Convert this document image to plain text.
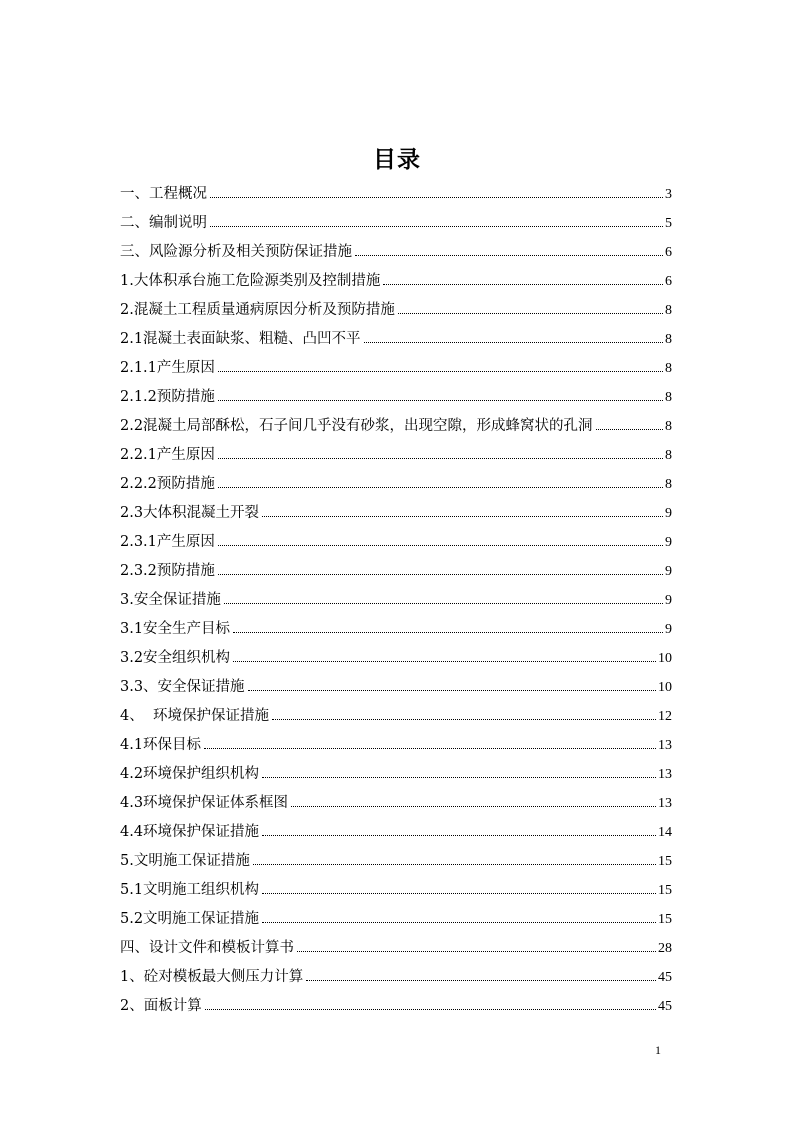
目录
一、工程概况	3
二、编制说明	5
三、风险源分析及相关预防保证措施	6
1.大体积承台施工危险源类别及控制措施	6
2.混凝土工程质量通病原因分析及预防措施	8
2.1混凝土表面缺浆、粗糙、凸凹不平	8
2.1.1产生原因	8
2.1.2预防措施	8
2.2混凝土局部酥松，石子间几乎没有砂浆，出现空隙，形成蜂窝状的孔洞	8
2.2.1产生原因	8
2.2.2预防措施	8
2.3大体积混凝土开裂	9
2.3.1产生原因	9
2.3.2预防措施	9
3.安全保证措施	9
3.1安全生产目标	9
3.2安全组织机构	10
3.3、安全保证措施	10
4、  环境保护保证措施	12
4.1环保目标	13
4.2环境保护组织机构	13
4.3环境保护保证体系框图	13
4.4环境保护保证措施	14
5.文明施工保证措施	15
5.1文明施工组织机构	15
5.2文明施工保证措施	15
四、设计文件和模板计算书	28
1、砼对模板最大侧压力计算	45
2、面板计算	45

1
